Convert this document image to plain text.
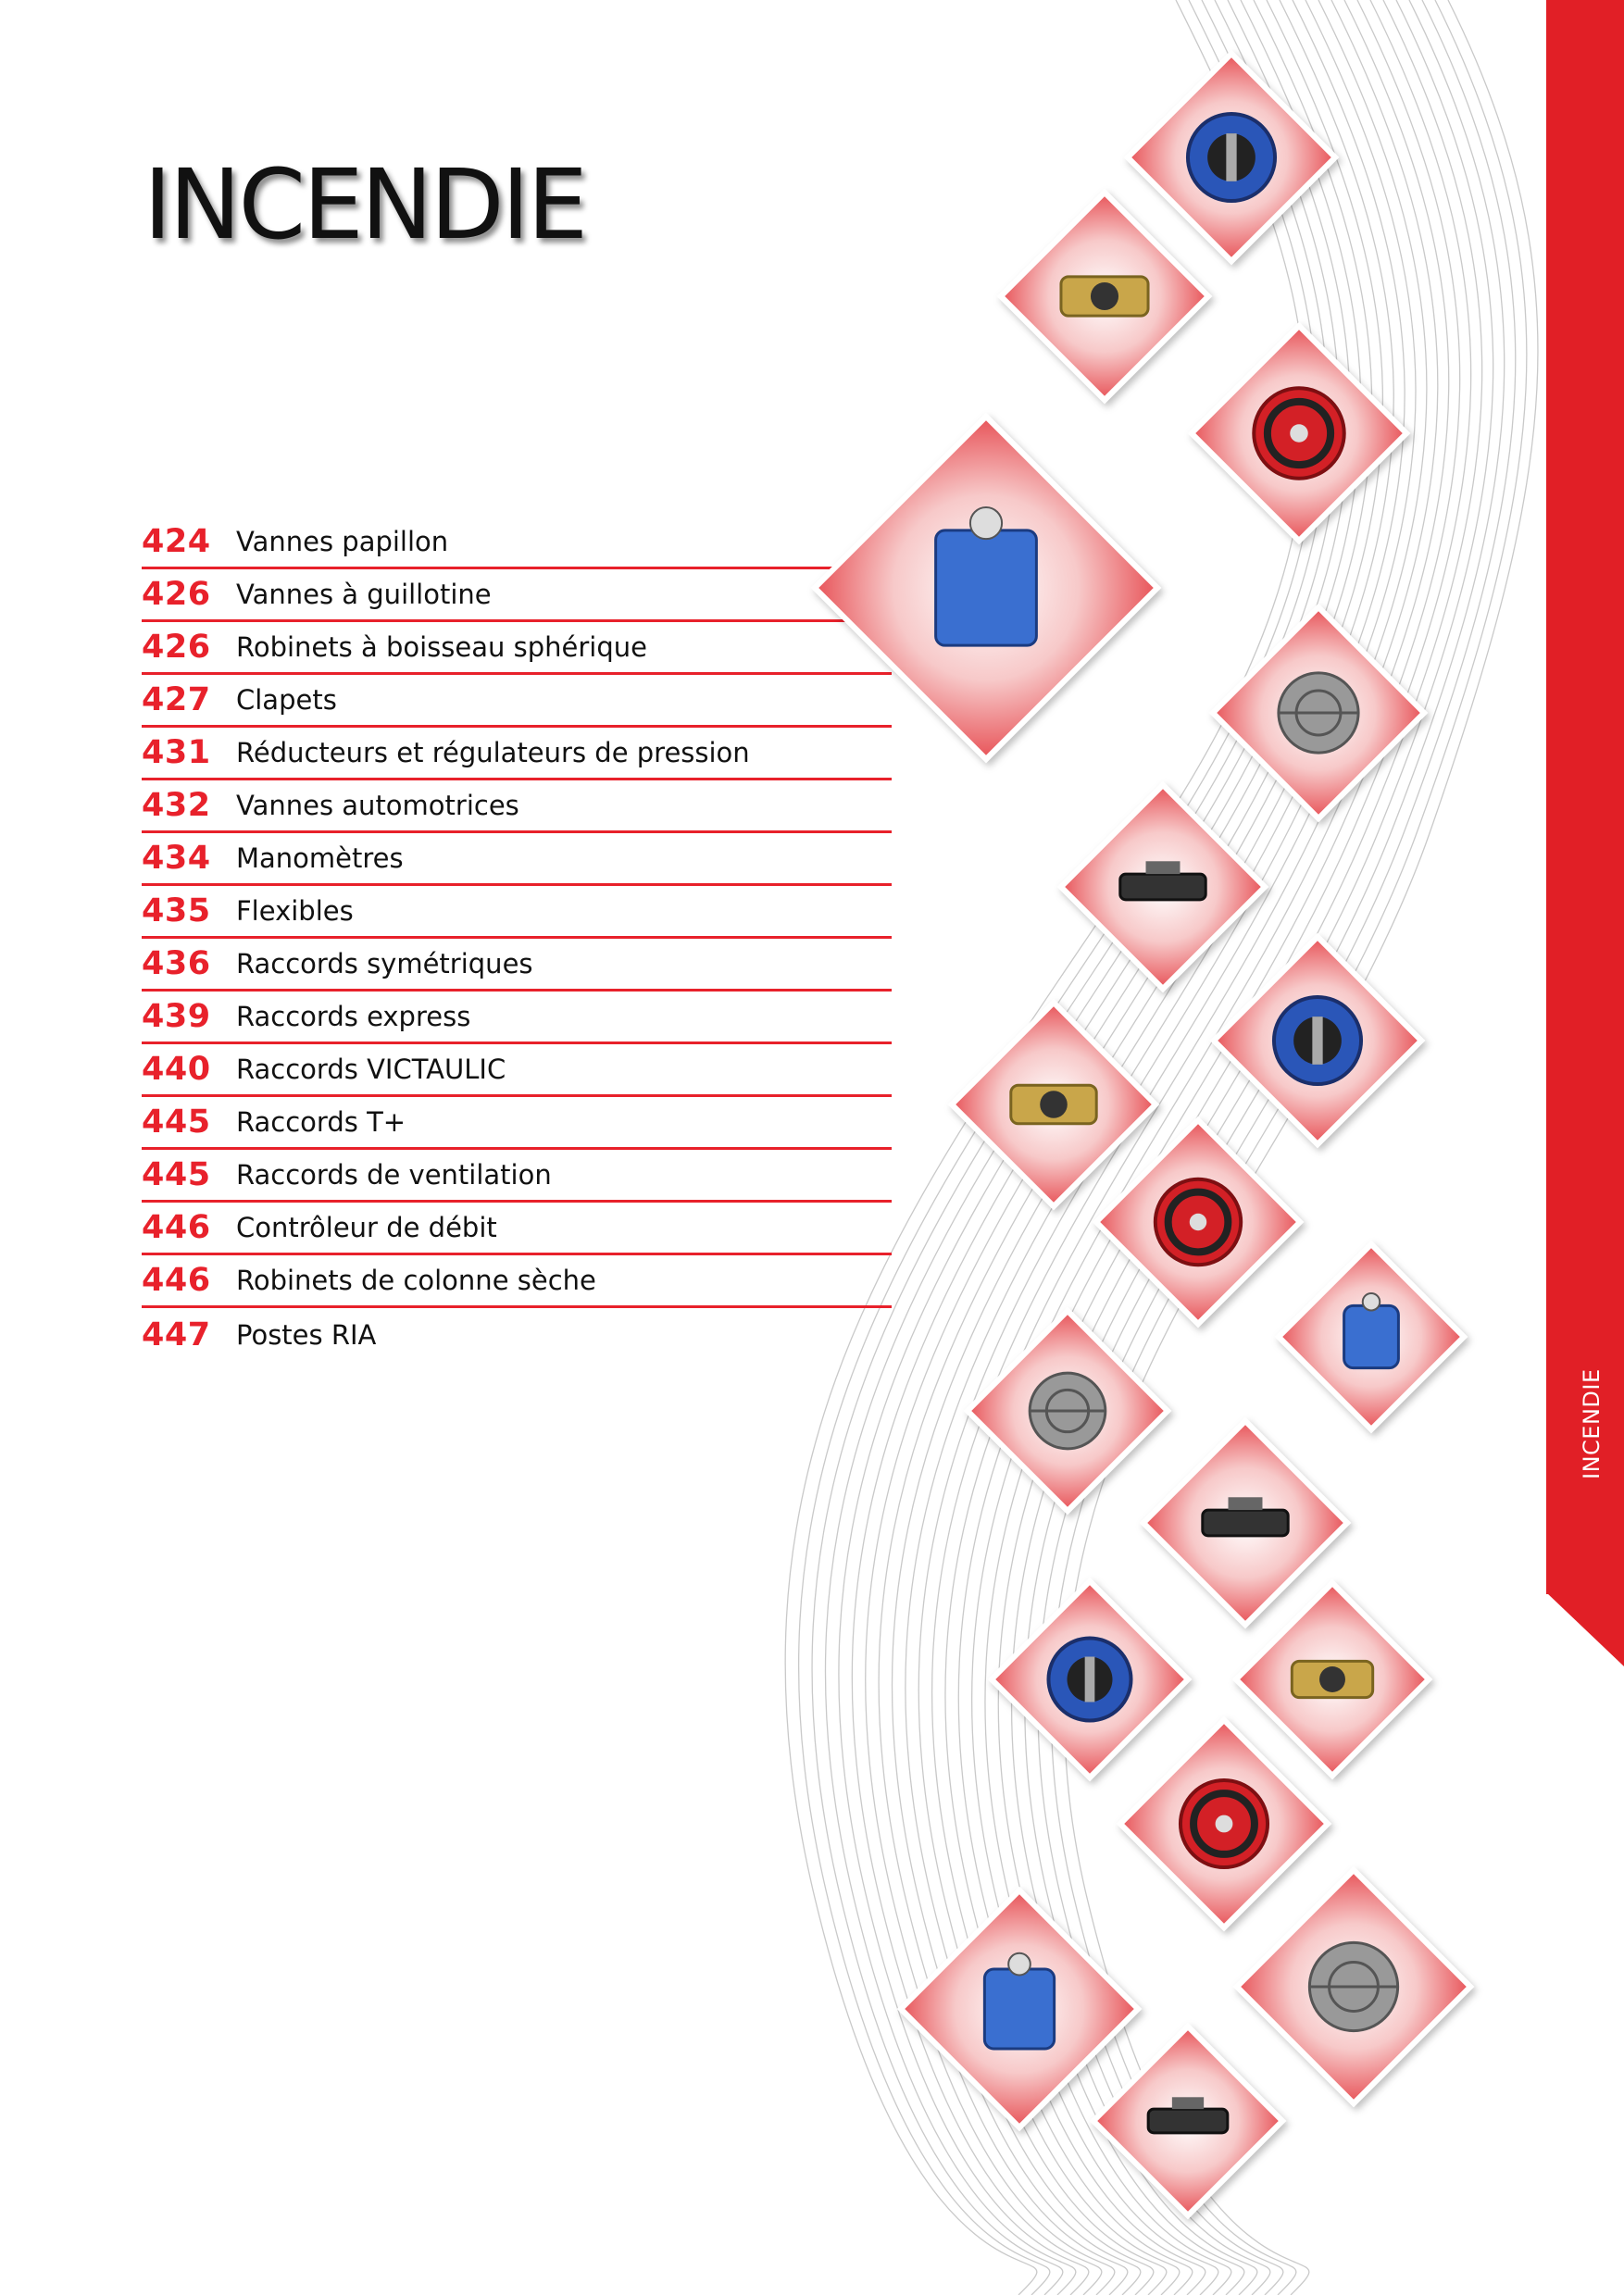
INCENDIE
424 Vannes papillon
426 Vannes à guillotine
426 Robinets à boisseau sphérique
427 Clapets
431 Réducteurs et régulateurs de pression
432 Vannes automotrices
434 Manomètres
435 Flexibles
436 Raccords symétriques
439 Raccords express
440 Raccords VICTAULIC
445 Raccords T+
445 Raccords de ventilation
446 Contrôleur de débit
446 Robinets de colonne sèche
447 Postes RIA
INCENDIE
